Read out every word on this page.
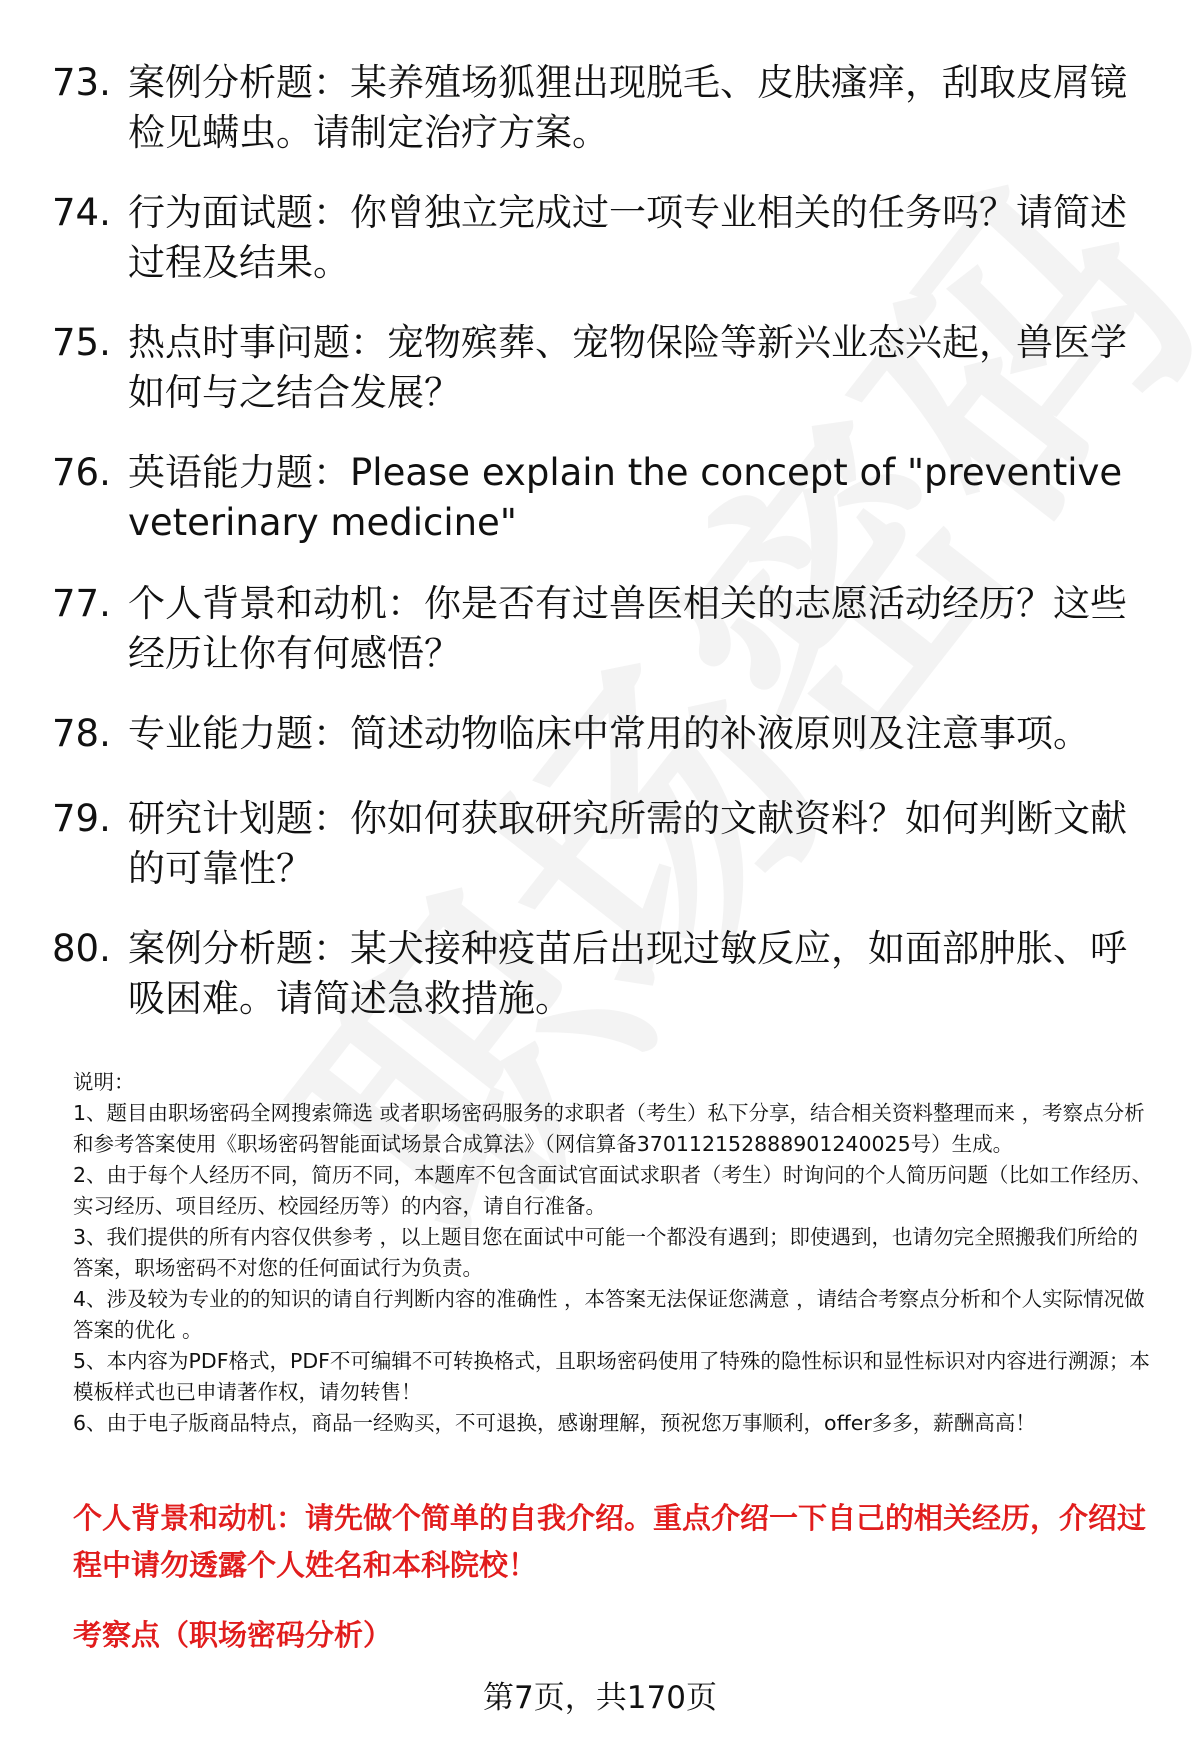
73. 案例分析题：某养殖场狐狸出现脱毛、皮肤瘙痒，刮取皮屑镜检见螨虫。请制定治疗方案。
74. 行为面试题：你曾独立完成过一项专业相关的任务吗？请简述过程及结果。
75. 热点时事问题：宠物殡葬、宠物保险等新兴业态兴起，兽医学如何与之结合发展？
76. 英语能力题：Please explain the concept of "preventive veterinary medicine"
77. 个人背景和动机：你是否有过兽医相关的志愿活动经历？这些经历让你有何感悟？
78. 专业能力题：简述动物临床中常用的补液原则及注意事项。
79. 研究计划题：你如何获取研究所需的文献资料？如何判断文献的可靠性？
80. 案例分析题：某犬接种疫苗后出现过敏反应，如面部肿胀、呼吸困难。请简述急救措施。

说明：

1、题目由职场密码全网搜索筛选 或者职场密码服务的求职者（考生）私下分享，结合相关资料整理而来 ，考察点分析和参考答案使用《职场密码智能面试场景合成算法》（网信算备370112152888901240025号）生成。

2、由于每个人经历不同，简历不同，本题库不包含面试官面试求职者（考生）时询问的个人简历问题（比如工作经历、实习经历、项目经历、校园经历等）的内容，请自行准备。

3、我们提供的所有内容仅供参考 ，以上题目您在面试中可能一个都没有遇到；即使遇到，也请勿完全照搬我们所给的答案，职场密码不对您的任何面试行为负责。

4、涉及较为专业的的知识的请自行判断内容的准确性 ，本答案无法保证您满意 ，请结合考察点分析和个人实际情况做答案的优化 。

5、本内容为PDF格式，PDF不可编辑不可转换格式，且职场密码使用了特殊的隐性标识和显性标识对内容进行溯源；本模板样式也已申请著作权，请勿转售！

6、由于电子版商品特点，商品一经购买，不可退换，感谢理解，预祝您万事顺利，offer多多，薪酬高高！

个人背景和动机：请先做个简单的自我介绍。重点介绍一下自己的相关经历，介绍过程中请勿透露个人姓名和本科院校！
考察点（职场密码分析）
第7页，共170页
